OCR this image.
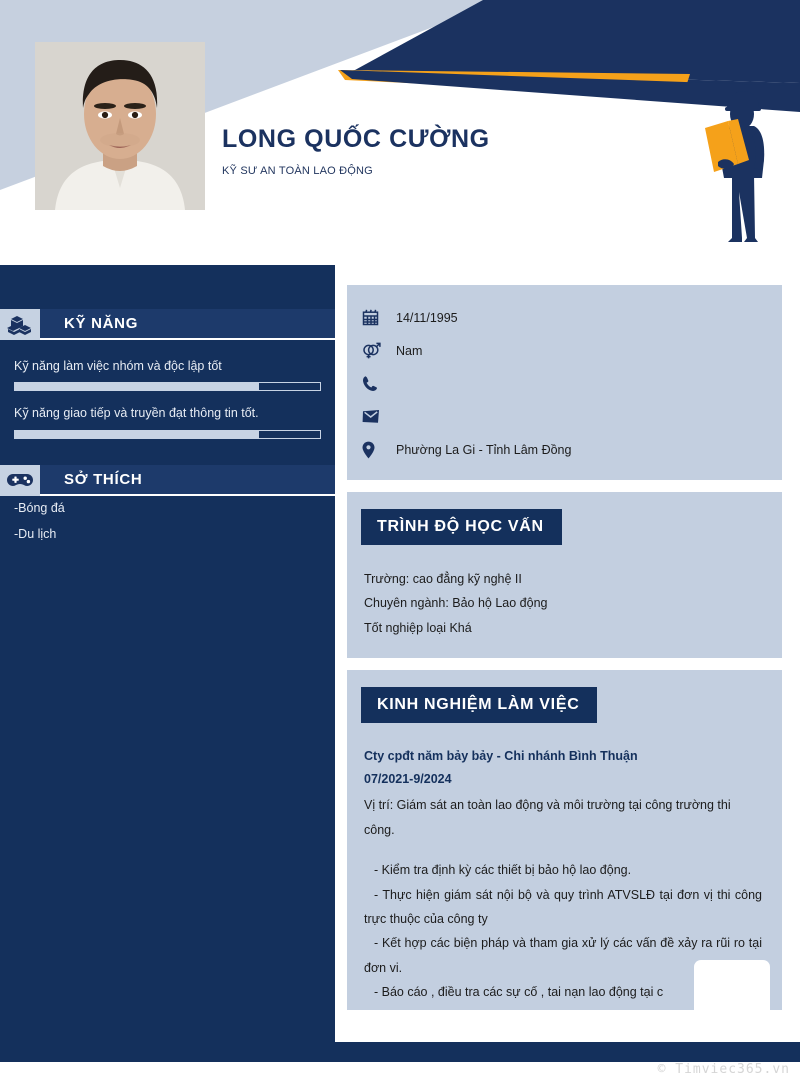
LONG QUỐC CƯỜNG
KỸ SƯ AN TOÀN LAO ĐỘNG
KỸ NĂNG
Kỹ năng làm việc nhóm và độc lập tốt
Kỹ năng giao tiếp và truyền đạt thông tin tốt.
SỞ THÍCH
-Bóng đá
-Du lịch
14/11/1995
Nam
Phường La Gi - Tỉnh Lâm Đồng
TRÌNH ĐỘ HỌC VẤN
Trường: cao đẳng kỹ nghệ II
Chuyên ngành: Bảo hộ Lao động
Tốt nghiệp loại Khá
KINH NGHIỆM LÀM VIỆC
Cty cpđt năm bảy bảy - Chi nhánh Bình Thuận
07/2021-9/2024
Vị trí: Giám sát an toàn lao động và môi trường tại công trường thi công.
- Kiểm tra định kỳ các thiết bị bảo hộ lao động.
- Thực hiện giám sát nội bộ và quy trình ATVSLĐ tại đơn vị thi công trực thuộc của công ty
- Kết hợp các biện pháp và tham gia xử lý các vấn đề xảy ra rũi ro tại đơn vi.
- Báo cáo , điều tra các sự cố , tai nạn lao động tại c
© Timviec365.vn
